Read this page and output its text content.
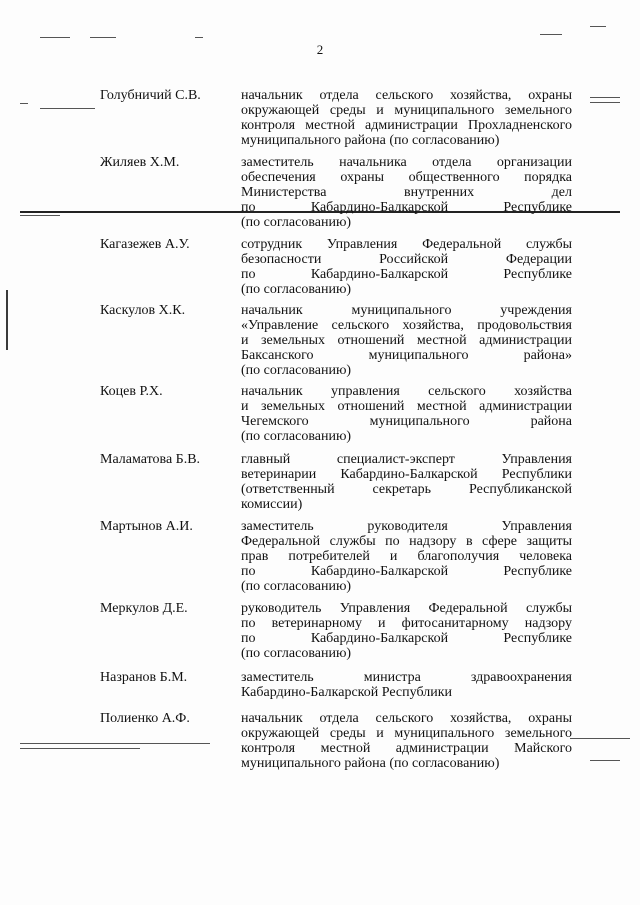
2
Голубничий С.В.	начальник отдела сельского хозяйства, охраны
окружающей среды и муниципального земельного
контроля местной администрации Прохладненского
муниципального района (по согласованию)
Жиляев Х.М.	заместитель начальника отдела организации
обеспечения охраны общественного порядка
Министерства внутренних дел
по Кабардино-Балкарской Республике
(по согласованию)
Кагазежев А.У.	сотрудник Управления Федеральной службы
безопасности Российской Федерации
по Кабардино-Балкарской Республике
(по согласованию)
Каскулов Х.К.	начальник муниципального учреждения
«Управление сельского хозяйства, продовольствия
и земельных отношений местной администрации
Баксанского муниципального района»
(по согласованию)
Коцев Р.Х.	начальник управления сельского хозяйства
и земельных отношений местной администрации
Чегемского муниципального района
(по согласованию)
Маламатова Б.В.	главный специалист-эксперт Управления
ветеринарии Кабардино-Балкарской Республики
(ответственный секретарь Республиканской
комиссии)
Мартынов А.И.	заместитель руководителя Управления
Федеральной службы по надзору в сфере защиты
прав потребителей и благополучия человека
по Кабардино-Балкарской Республике
(по согласованию)
Меркулов Д.Е.	руководитель Управления Федеральной службы
по ветеринарному и фитосанитарному надзору
по Кабардино-Балкарской Республике
(по согласованию)
Назранов Б.М.	заместитель министра здравоохранения
Кабардино-Балкарской Республики
Полиенко А.Ф.	начальник отдела сельского хозяйства, охраны
окружающей среды и муниципального земельного
контроля местной администрации Майского
муниципального района (по согласованию)
